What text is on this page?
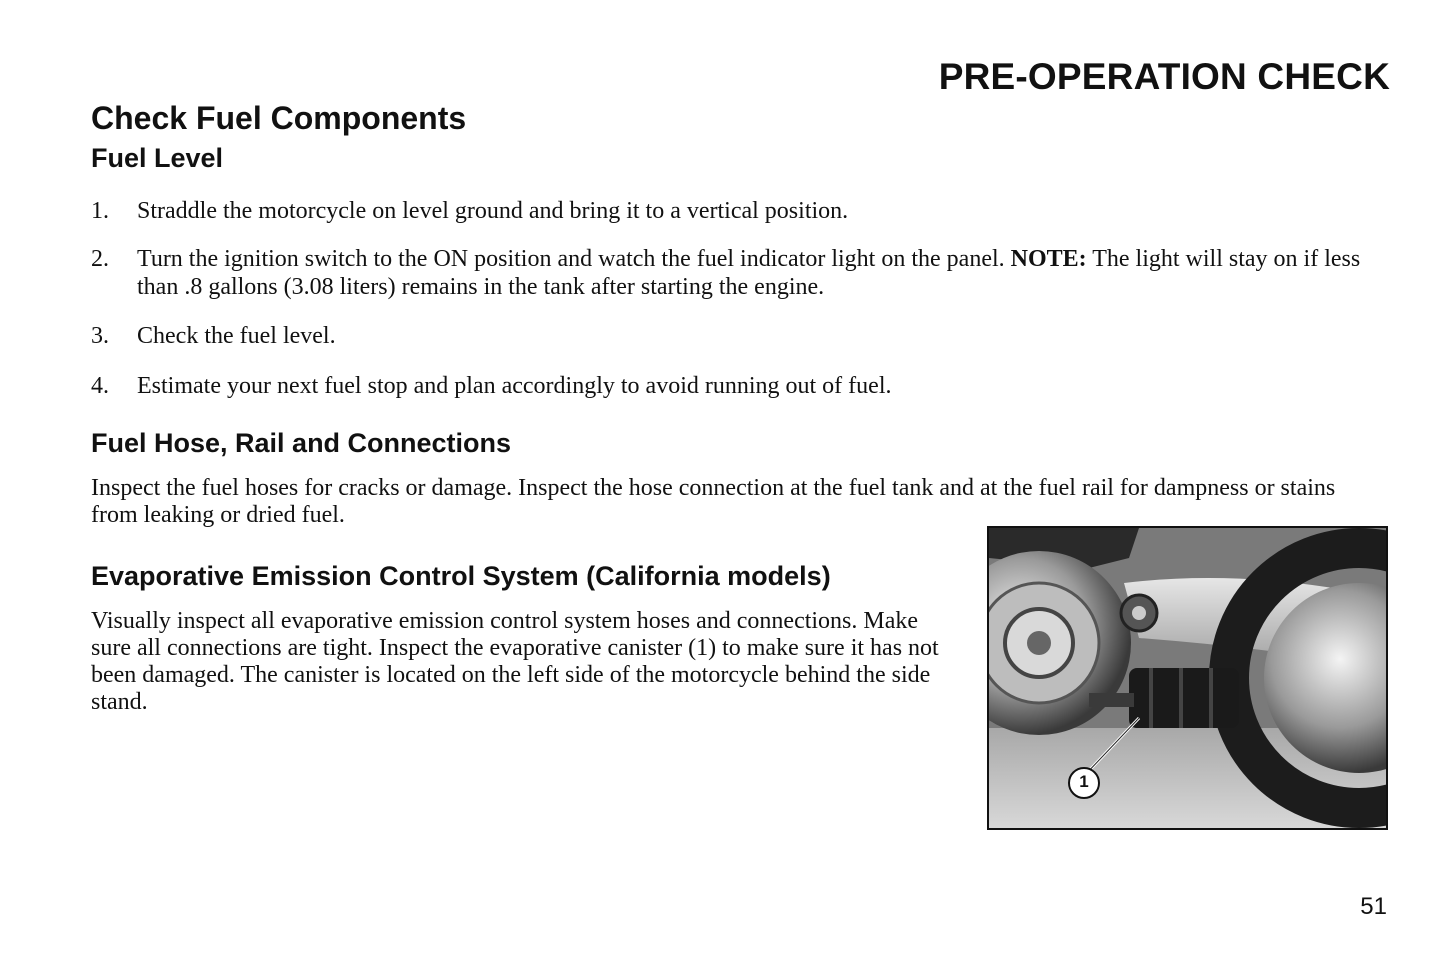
PRE-OPERATION CHECK
Check Fuel Components
Fuel Level
1. Straddle the motorcycle on level ground and bring it to a vertical position.
2. Turn the ignition switch to the ON position and watch the fuel indicator light on the panel. NOTE: The light will stay on if less than .8 gallons (3.08 liters) remains in the tank after starting the engine.
3. Check the fuel level.
4. Estimate your next fuel stop and plan accordingly to avoid running out of fuel.
Fuel Hose, Rail and Connections

Inspect the fuel hoses for cracks or damage. Inspect the hose connection at the fuel tank and at the fuel rail for dampness or stains from leaking or dried fuel.

Evaporative Emission Control System (California models)

Visually inspect all evaporative emission control system hoses and connections. Make sure all connections are tight. Inspect the evaporative canister (1) to make sure it has not been damaged. The canister is located on the left side of the motorcycle behind the side stand.

1

51
